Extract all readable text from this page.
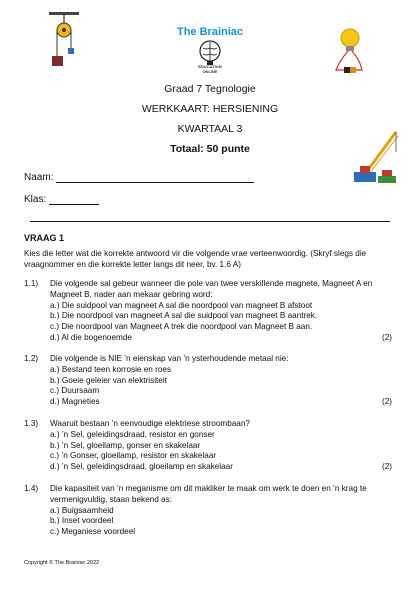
The Brainiac
EDUCATION
ONLINE
Graad 7 Tegnologie
WERKKAART: HERSIENING
KWARTAAL 3
Totaal: 50 punte
Naam:
Klas:
VRAAG 1
Kies die letter wat die korrekte antwoord vir die volgende vrae verteenwoordig. (Skryf slegs die vraagnommer en die korrekte letter langs dit neer, bv. 1.6 A)
1.1) Die volgende sal gebeur wanneer die pole van twee verskillende magnete, Magneet A en Magneet B, nader aan mekaar gebring word:
a.) Die suidpool van magneet A sal die noordpool van magneet B afstoot
b.) Die noordpool van magneet A sal die suidpool van magneet B aantrek.
c.) Die noordpool van Magneet A trek die noordpool van Magneet B aan.
d.) Al die bogenoemde	(2)
1.2) Die volgende is NIE ’n eienskap van ’n ysterhoudende metaal nie:
a.) Bestand teen korrosie en roes
b.) Goeie geleier van elektrisiteit
c.) Duursaam
d.) Magneties	(2)
1.3) Waaruit bestaan ’n eenvoudige elektriese stroombaan?
a.) ’n Sel, geleidingsdraad, resistor en gonser
b.) ’n Sel, gloeilamp, gonser en skakelaar
c.) ’n Gonser, gloeilamp, resistor en skakelaar
d.) ’n Sel, geleidingsdraad, gloeilamp en skakelaar	(2)
1.4) Die kapasiteit van ’n meganisme om dit makliker te maak om werk te doen en ’n krag te vermenigvuldig, staan bekend as:
a.) Buigsaamheid
b.) Inset voordeel
c.) Meganiese voordeel
Copyright © The Brainiac 2022
